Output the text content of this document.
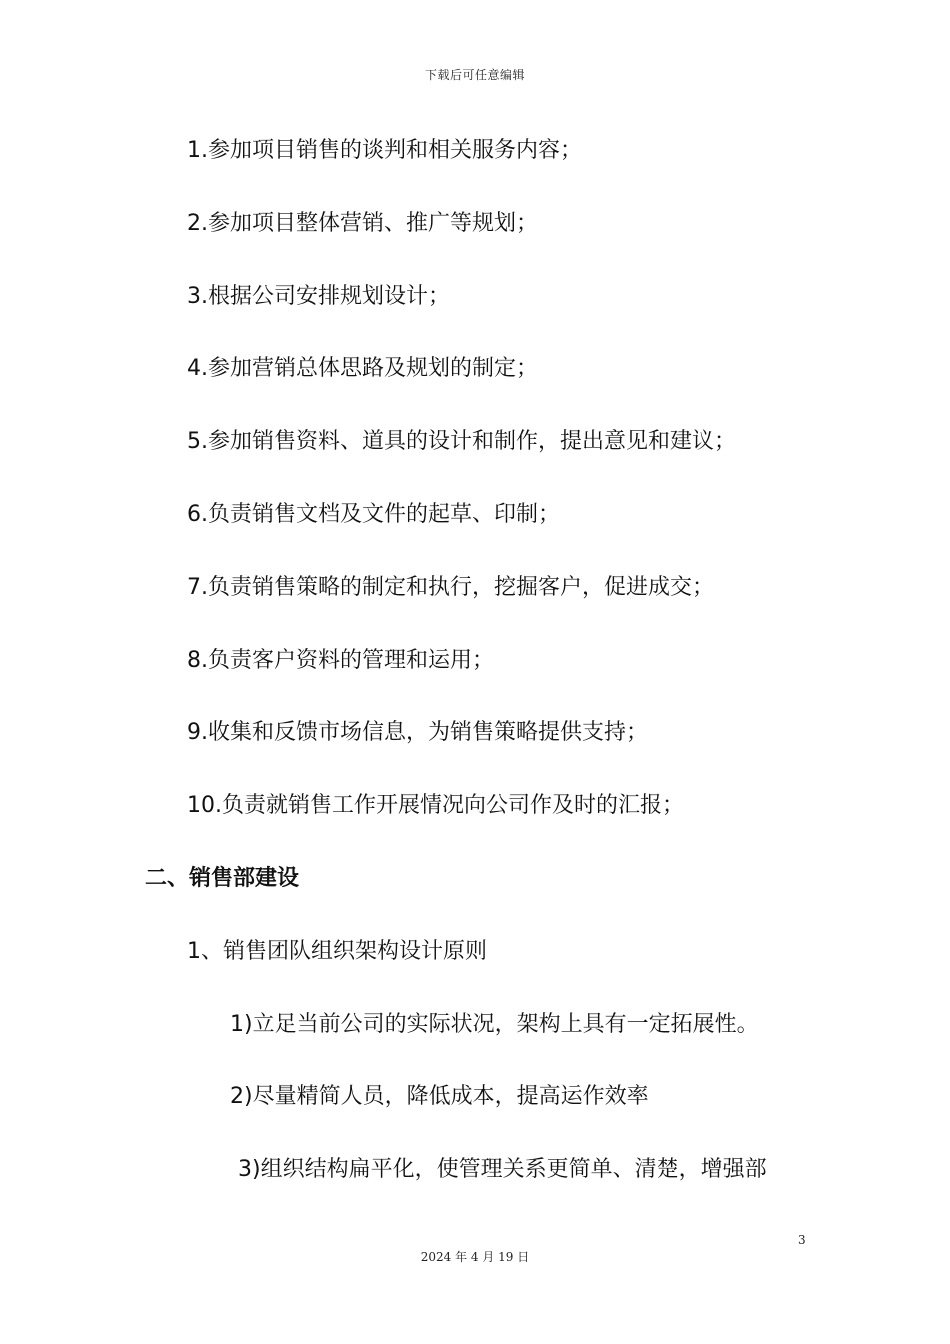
下载后可任意编辑
1.参加项目销售的谈判和相关服务内容；
2.参加项目整体营销、推广等规划；
3.根据公司安排规划设计；
4.参加营销总体思路及规划的制定；
5.参加销售资料、道具的设计和制作，提出意见和建议；
6.负责销售文档及文件的起草、印制；
7.负责销售策略的制定和执行，挖掘客户，促进成交；
8.负责客户资料的管理和运用；
9.收集和反馈市场信息，为销售策略提供支持；
10.负责就销售工作开展情况向公司作及时的汇报；
二、销售部建设
1、销售团队组织架构设计原则
1)立足当前公司的实际状况，架构上具有一定拓展性。
2)尽量精简人员，降低成本，提高运作效率
3)组织结构扁平化，使管理关系更简单、清楚，增强部
3
2024 年 4 月 19 日
